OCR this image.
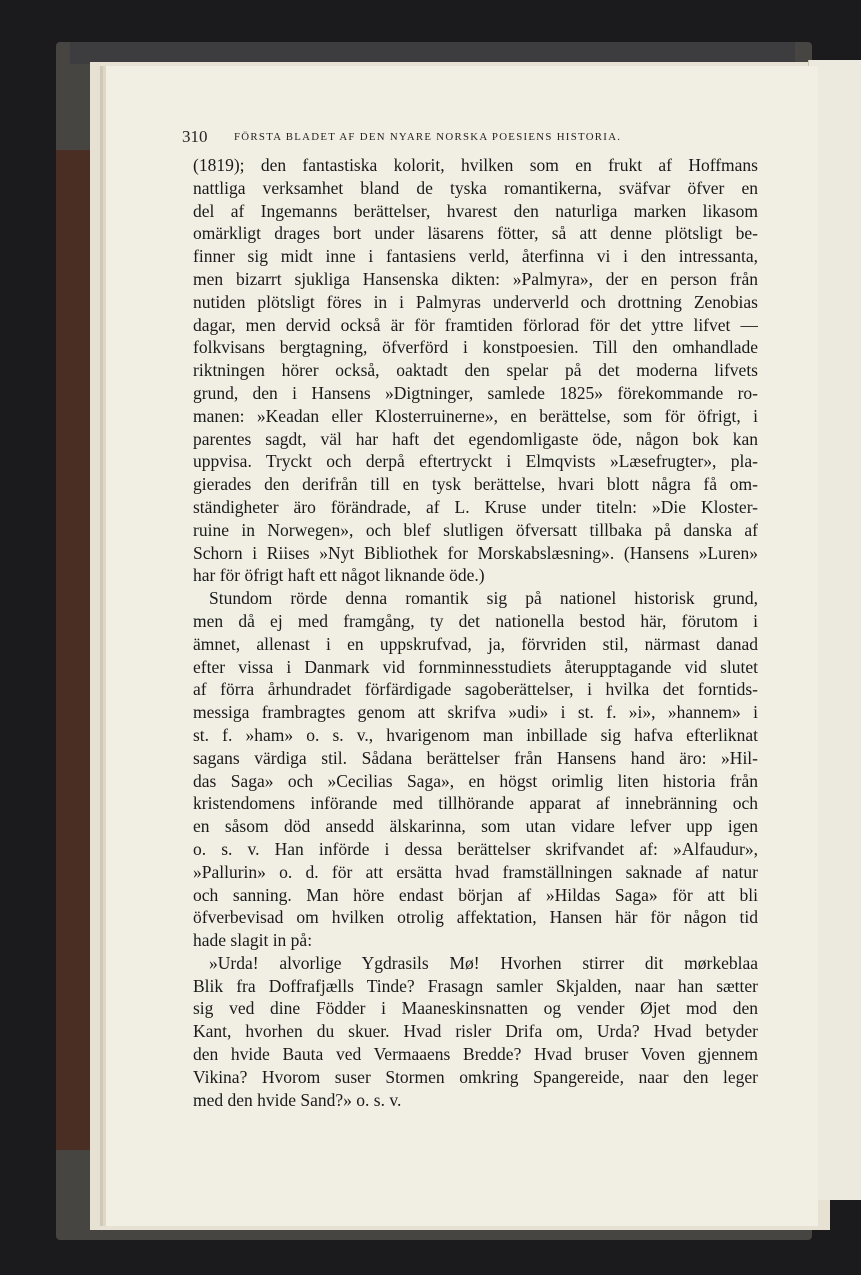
310 FÖRSTA BLADET AF DEN NYARE NORSKA POESIENS HISTORIA.
(1819); den fantastiska kolorit, hvilken som en frukt af Hoffmans
nattliga verksamhet bland de tyska romantikerna, sväfvar öfver en
del af Ingemanns berättelser, hvarest den naturliga marken likasom
omärkligt drages bort under läsarens fötter, så att denne plötsligt be-
finner sig midt inne i fantasiens verld, återfinna vi i den intressanta,
men bizarrt sjukliga Hansenska dikten: »Palmyra», der en person från
nutiden plötsligt föres in i Palmyras underverld och drottning Zenobias
dagar, men dervid också är för framtiden förlorad för det yttre lifvet —
folkvisans bergtagning, öfverförd i konstpoesien. Till den omhandlade
riktningen hörer också, oaktadt den spelar på det moderna lifvets
grund, den i Hansens »Digtninger, samlede 1825» förekommande ro-
manen: »Keadan eller Klosterruinerne», en berättelse, som för öfrigt, i
parentes sagdt, väl har haft det egendomligaste öde, någon bok kan
uppvisa. Tryckt och derpå eftertryckt i Elmqvists »Læsefrugter», pla-
gierades den derifrån till en tysk berättelse, hvari blott några få om-
ständigheter äro förändrade, af L. Kruse under titeln: »Die Kloster-
ruine in Norwegen», och blef slutligen öfversatt tillbaka på danska af
Schorn i Riises »Nyt Bibliothek for Morskabslæsning». (Hansens »Luren»
har för öfrigt haft ett något liknande öde.)
Stundom rörde denna romantik sig på nationel historisk grund,
men då ej med framgång, ty det nationella bestod här, förutom i
ämnet, allenast i en uppskrufvad, ja, förvriden stil, närmast danad
efter vissa i Danmark vid fornminnesstudiets återupptagande vid slutet
af förra århundradet förfärdigade sagoberättelser, i hvilka det forntids-
messiga frambragtes genom att skrifva »udi» i st. f. »i», »hannem» i
st. f. »ham» o. s. v., hvarigenom man inbillade sig hafva efterliknat
sagans värdiga stil. Sådana berättelser från Hansens hand äro: »Hil-
das Saga» och »Cecilias Saga», en högst orimlig liten historia från
kristendomens införande med tillhörande apparat af innebränning och
en såsom död ansedd älskarinna, som utan vidare lefver upp igen
o. s. v. Han införde i dessa berättelser skrifvandet af: »Alfaudur»,
»Pallurin» o. d. för att ersätta hvad framställningen saknade af natur
och sanning. Man höre endast början af »Hildas Saga» för att bli
öfverbevisad om hvilken otrolig affektation, Hansen här för någon tid
hade slagit in på:
»Urda! alvorlige Ygdrasils Mø! Hvorhen stirrer dit mørkeblaa
Blik fra Doffrafjælls Tinde? Frasagn samler Skjalden, naar han sætter
sig ved dine Födder i Maaneskinsnatten og vender Øjet mod den
Kant, hvorhen du skuer. Hvad risler Drifa om, Urda? Hvad betyder
den hvide Bauta ved Vermaaens Bredde? Hvad bruser Voven gjennem
Vikina? Hvorom suser Stormen omkring Spangereide, naar den leger
med den hvide Sand?» o. s. v.
